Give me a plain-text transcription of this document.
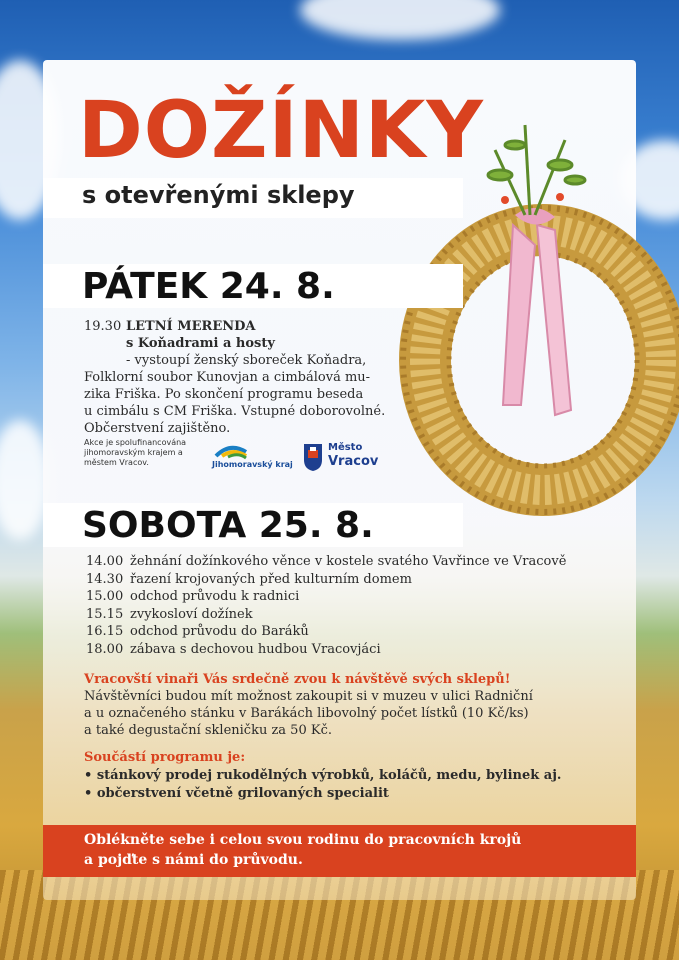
DOŽÍNKY
s otevřenými sklepy
PÁTEK 24. 8.
19.30 LETNÍ MERENDA
s Koňadrami a hosty
- vystoupí ženský sboreček Koňadra,
Folklorní soubor Kunovjan a cimbálová mu-
zika Friška. Po skončení programu beseda
u cimbálu s CM Friška. Vstupné doborovolné.
Občerstvení zajištěno.
Akce je spolufinancována jihomoravským krajem a městem Vracov.	Jihomoravský kraj
Město
Vracov
SOBOTA 25. 8.
14.00 žehnání dožínkového věnce v kostele svatého Vavřince ve Vracově
14.30 řazení krojovaných před kulturním domem
15.00 odchod průvodu k radnici
15.15 zvykosloví dožínek
16.15 odchod průvodu do Baráků
18.00 zábava s dechovou hudbou Vracovjáci
Vracovští vinaři Vás srdečně zvou k návštěvě svých sklepů!
Návštěvníci budou mít možnost zakoupit si v muzeu v ulici Radniční
a u označeného stánku v Barákách libovolný počet lístků (10 Kč/ks)
a také degustační skleničku za 50 Kč.
Součástí programu je:
• stánkový prodej rukodělných výrobků, koláčů, medu, bylinek aj.
• občerstvení včetně grilovaných specialit
Oblékněte sebe i celou svou rodinu do pracovních krojů
a pojďte s námi do průvodu.
